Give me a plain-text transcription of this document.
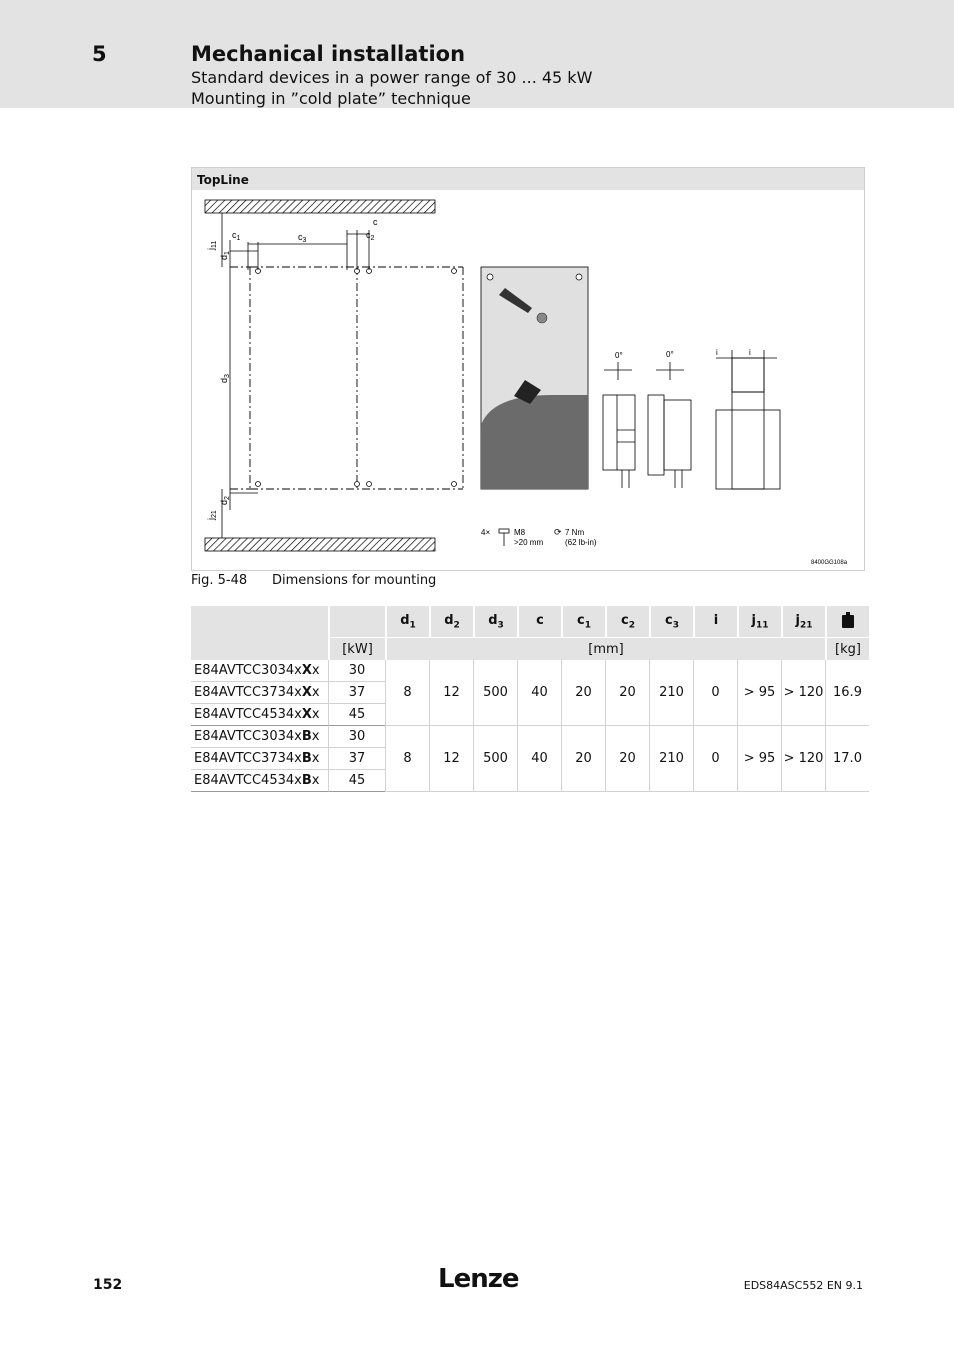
5	Mechanical installation
Standard devices in a power range of 30 ... 45 kW
Mounting in ”cold plate” technique
TopLine
$c_1$	$c_3$
c
$c_2$
$j_{11}$
$d_1$
$d_3$
$d_2$
$j_{21}$
0°	0°	i	i
4×	M8
>20 mm
⟳ 7 Nm
(62 lb-in)
8400GG108a
Fig. 5-48 Dimensions for mounting
		$d_1$	$d_2$	$d_3$	c	$c_1$	$c_2$	$c_3$	i	$j_{11}$	$j_{21}$	
	[kW]	[mm]										[kg]
E84AVTCC3034xXx	30	8	12	500	40	20	20	210	0	> 95	> 120	16.9
E84AVTCC3734xXx	37											
E84AVTCC4534xXx	45											
E84AVTCC3034xBx	30	8	12	500	40	20	20	210	0	> 95	> 120	17.0
E84AVTCC3734xBx	37											
E84AVTCC4534xBx	45											
152	Lenze	EDS84ASC552 EN 9.1
